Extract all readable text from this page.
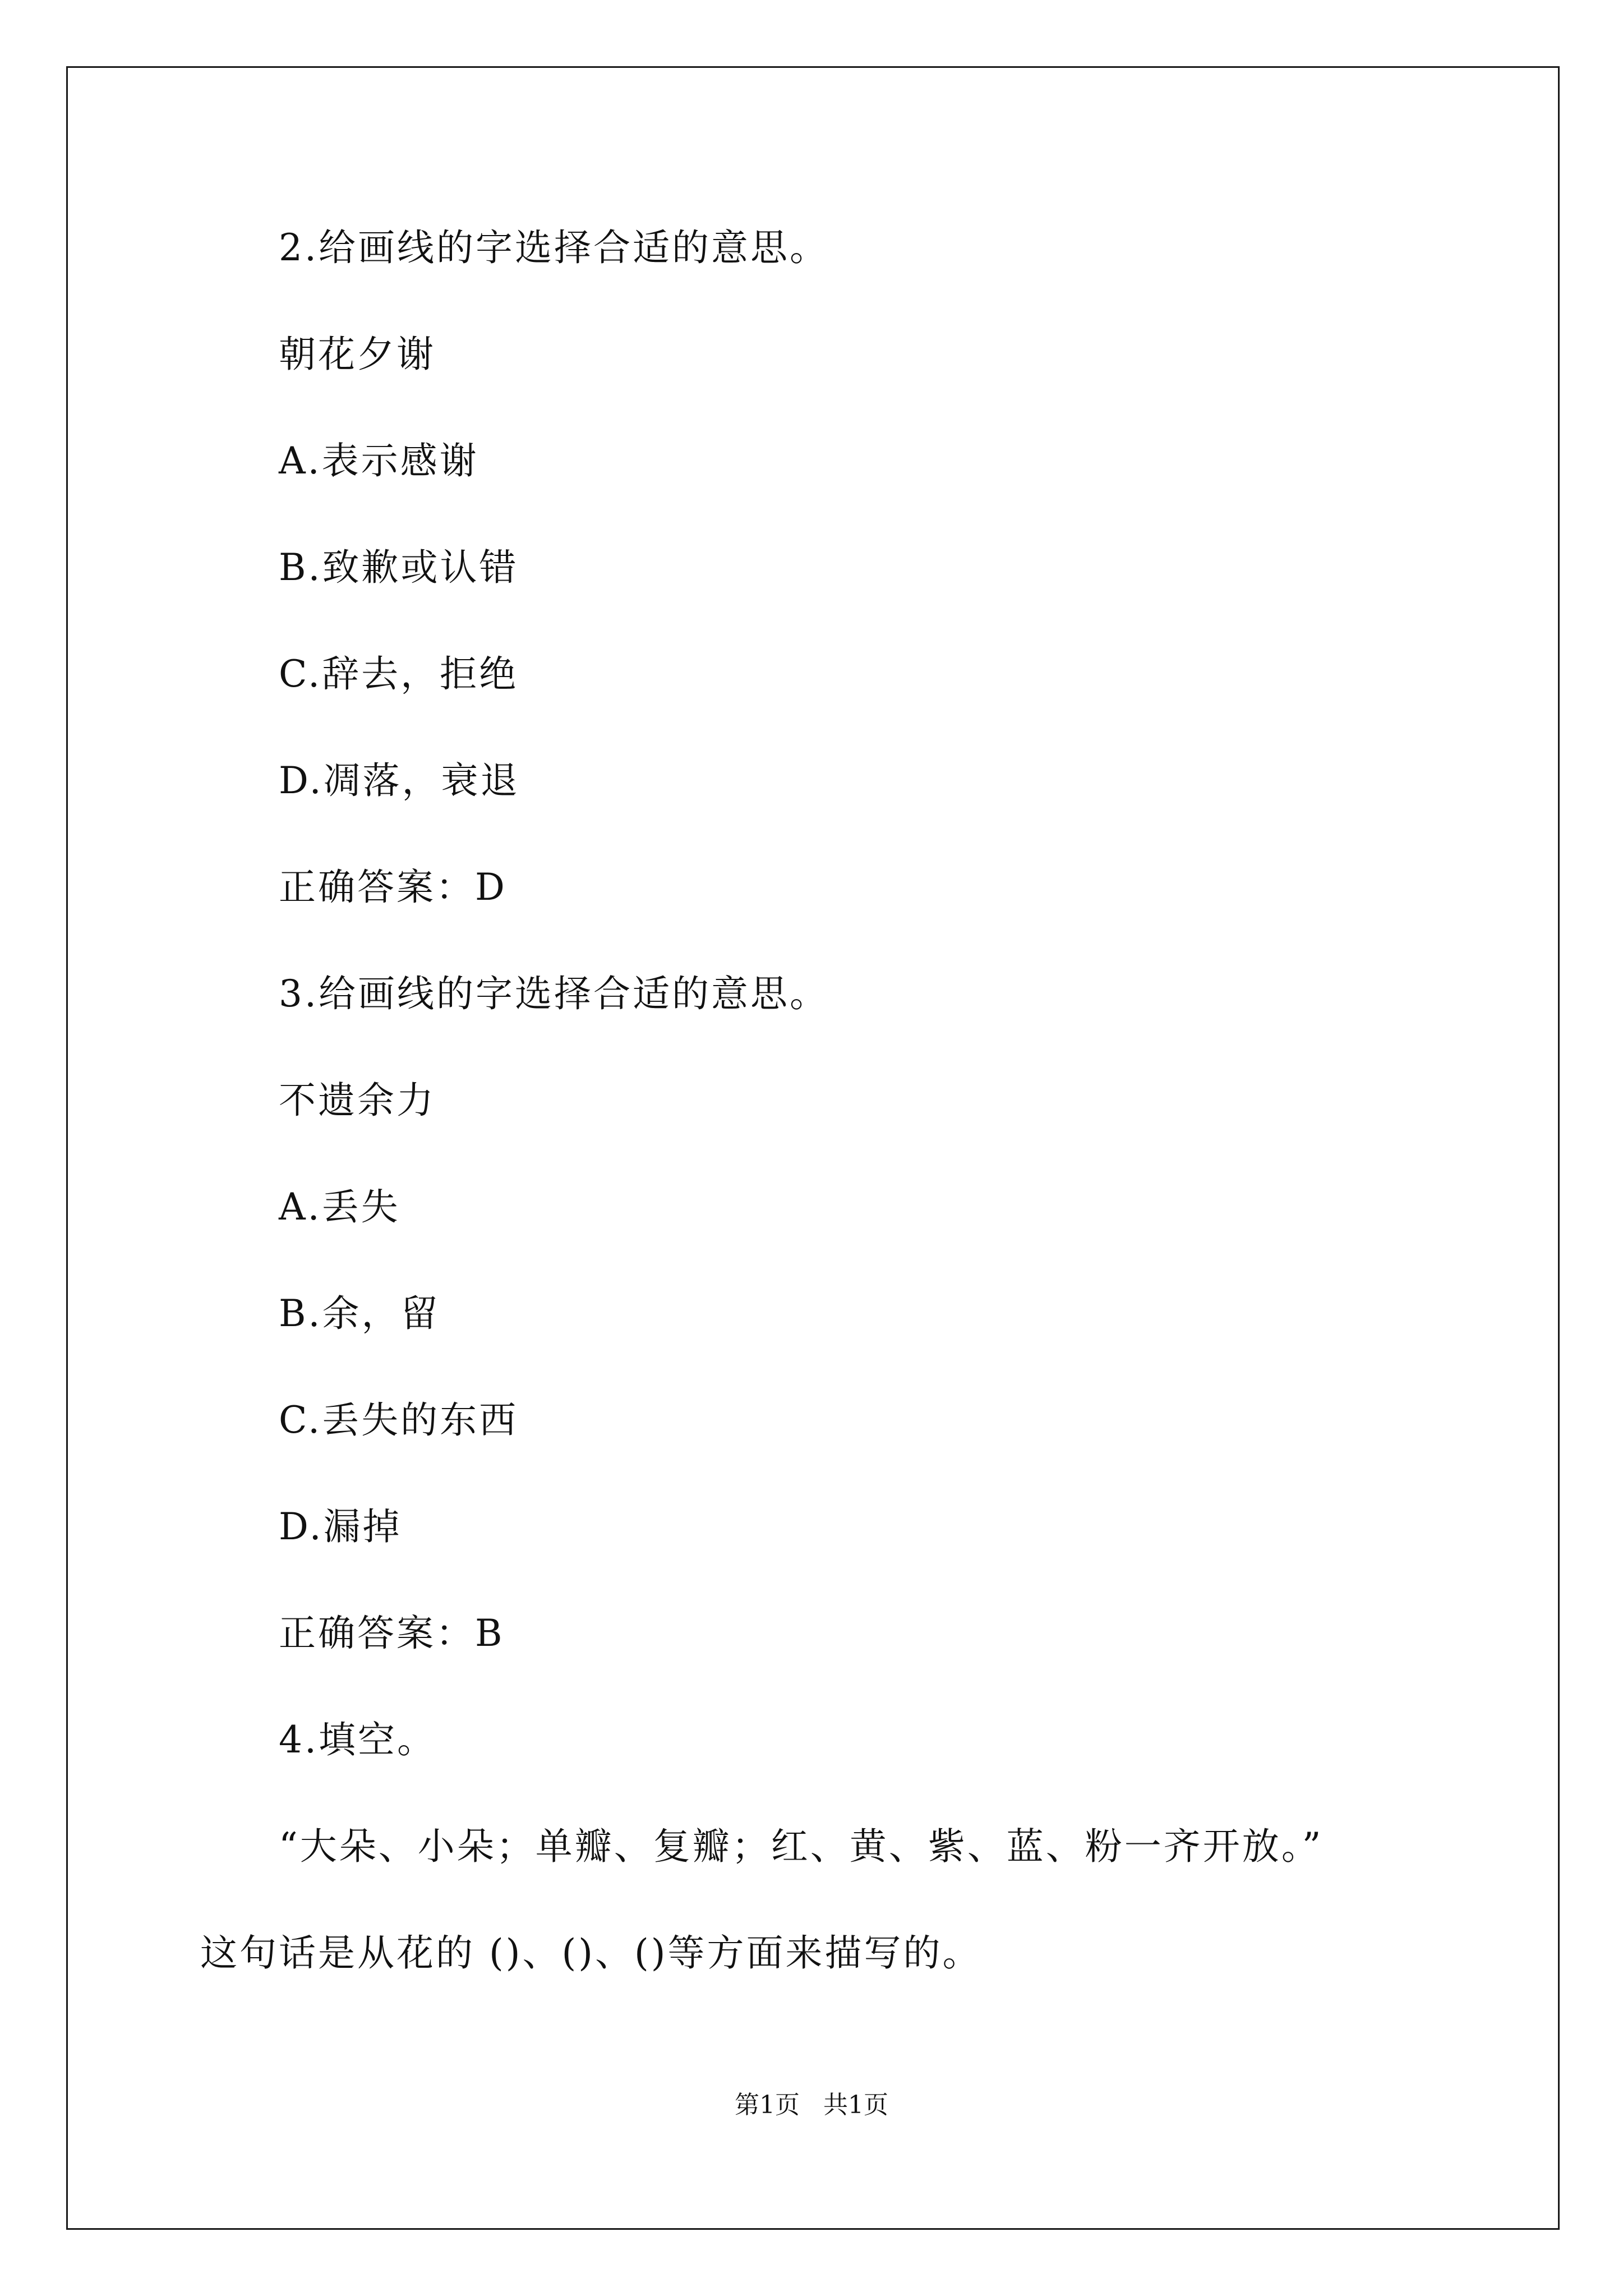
2.给画线的字选择合适的意思。
朝花夕谢
A.表示感谢
B.致歉或认错
C.辞去，拒绝
D.凋落，衰退
正确答案：D
3.给画线的字选择合适的意思。
不遗余力
A.丢失
B.余，留
C.丢失的东西
D.漏掉
正确答案：B
4.填空。
“大朵、小朵；单瓣、复瓣；红、黄、紫、蓝、粉一齐开放。”
这句话是从花的 ()、()、()等方面来描写的。
第1页   共1页
